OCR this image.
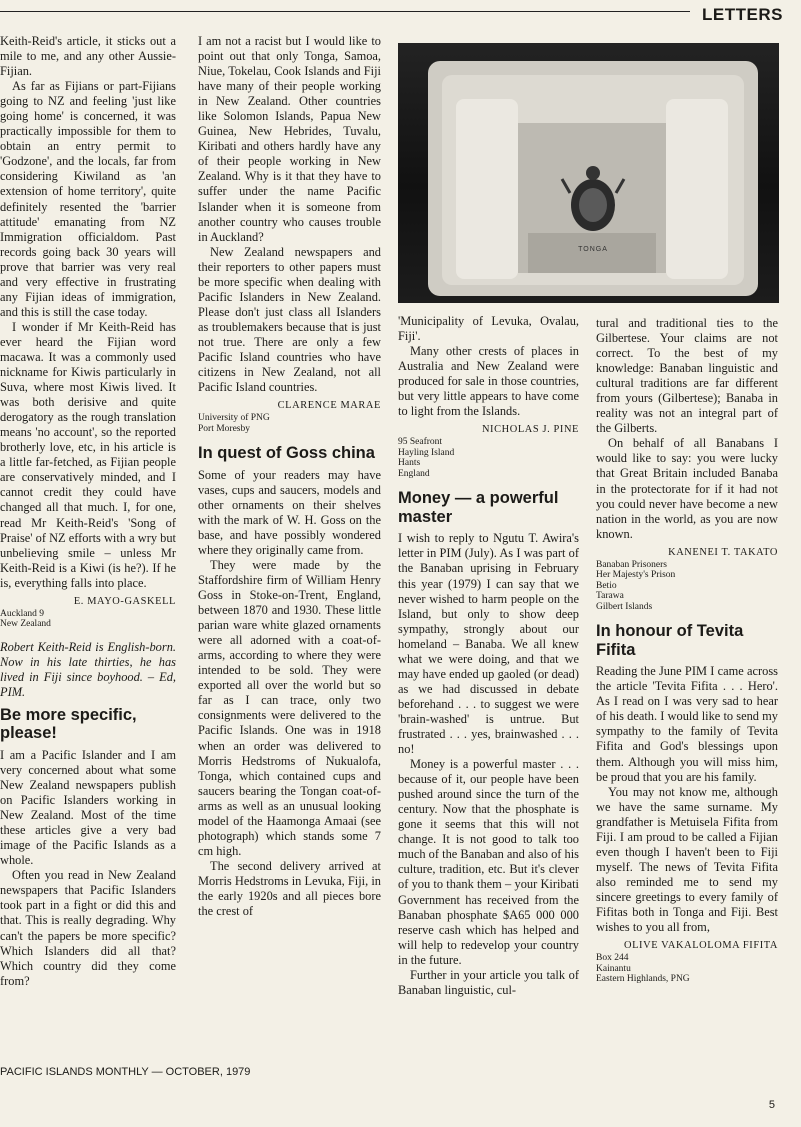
LETTERS

Keith-Reid's article, it sticks out a mile to me, and any other Aussie-Fijian.

As far as Fijians or part-Fijians going to NZ and feeling 'just like going home' is concerned, it was practically impossible for them to obtain an entry permit to 'Godzone', and the locals, far from considering Kiwiland as 'an extension of home territory', quite definitely resented the 'barrier attitude' emanating from NZ Immigration officialdom. Past records going back 30 years will prove that barrier was very real and very effective in frustrating any Fijian ideas of immigration, and this is still the case today.

I wonder if Mr Keith-Reid has ever heard the Fijian word macawa. It was a commonly used nickname for Kiwis particularly in Suva, where most Kiwis lived. It was both derisive and quite derogatory as the rough translation means 'no account', so the reported brotherly love, etc, in his article is a little far-fetched, as Fijian people are conservatively minded, and I cannot credit they could have changed all that much. I, for one, read Mr Keith-Reid's 'Song of Praise' of NZ efforts with a wry but unbelieving smile – unless Mr Keith-Reid is a Kiwi (is he?). If he is, everything falls into place.

E. MAYO-GASKELL
Auckland 9
New Zealand

Robert Keith-Reid is English-born. Now in his late thirties, he has lived in Fiji since boyhood. – Ed, PIM.

Be more specific, please!

I am a Pacific Islander and I am very concerned about what some New Zealand newspapers publish on Pacific Islanders working in New Zealand. Most of the time these articles give a very bad image of the Pacific Islands as a whole.

Often you read in New Zealand newspapers that Pacific Islanders took part in a fight or did this and that. This is really degrading. Why can't the papers be more specific? Which Islanders did all that? Which country did they come from?

I am not a racist but I would like to point out that only Tonga, Samoa, Niue, Tokelau, Cook Islands and Fiji have many of their people working in New Zealand. Other countries like Solomon Islands, Papua New Guinea, New Hebrides, Tuvalu, Kiribati and others hardly have any of their people working in New Zealand. Why is it that they have to suffer under the name Pacific Islander when it is someone from another country who causes trouble in Auckland?

New Zealand newspapers and their reporters to other papers must be more specific when dealing with Pacific Islanders in New Zealand. Please don't just class all Islanders as troublemakers because that is just not true. There are only a few Pacific Island countries who have citizens in New Zealand, not all Pacific Island countries.

CLARENCE MARAE
University of PNG
Port Moresby
In quest of Goss china

Some of your readers may have vases, cups and saucers, models and other ornaments on their shelves with the mark of W. H. Goss on the base, and have possibly wondered where they originally came from.

They were made by the Staffordshire firm of William Henry Goss in Stoke-on-Trent, England, between 1870 and 1930. These little parian ware white glazed ornaments were all adorned with a coat-of-arms, according to where they were intended to be sold. They were exported all over the world but so far as I can trace, only two consignments were delivered to the Pacific Islands. One was in 1918 when an order was delivered to Morris Hedstroms of Nukualofa, Tonga, which contained cups and saucers bearing the Tongan coat-of-arms as well as an unusual looking model of the Haamonga Amaai (see photograph) which stands some 7 cm high.

The second delivery arrived at Morris Hedstroms in Levuka, Fiji, in the early 1920s and all pieces bore the crest of

TONGA

'Municipality of Levuka, Ovalau, Fiji'.

Many other crests of places in Australia and New Zealand were produced for sale in those countries, but very little appears to have come to light from the Islands.

NICHOLAS J. PINE
95 Seafront
Hayling Island
Hants
England
Money — a powerful master

I wish to reply to Ngutu T. Awira's letter in PIM (July). As I was part of the Banaban uprising in February this year (1979) I can say that we never wished to harm people on the Island, but only to show deep sympathy, strongly about our homeland – Banaba. We all knew what we were doing, and that we may have ended up gaoled (or dead) as we had discussed in debate beforehand . . . to suggest we were 'brain-washed' is untrue. But frustrated . . . yes, brainwashed . . . no!

Money is a powerful master . . . because of it, our people have been pushed around since the turn of the century. Now that the phosphate is gone it seems that this will not change. It is not good to talk too much of the Banaban and also of his culture, tradition, etc. But it's clever of you to thank them – your Kiribati Government has received from the Banaban phosphate $A65 000 000 reserve cash which has helped and will help to redevelop your country in the future.

Further in your article you talk of Banaban linguistic, cul-

tural and traditional ties to the Gilbertese. Your claims are not correct. To the best of my knowledge: Banaban linguistic and cultural traditions are far different from yours (Gilbertese); Banaba in reality was not an integral part of the Gilberts.

On behalf of all Banabans I would like to say: you were lucky that Great Britain included Banaba in the protectorate for if it had not you could never have become a new nation in the world, as you are now known.

KANENEI T. TAKATO
Banaban Prisoners
Her Majesty's Prison
Betio
Tarawa
Gilbert Islands
In honour of Tevita Fifita

Reading the June PIM I came across the article 'Tevita Fifita . . . Hero'. As I read on I was very sad to hear of his death. I would like to send my sympathy to the family of Tevita Fifita and God's blessings upon them. Although you will miss him, be proud that you are his family.

You may not know me, although we have the same surname. My grandfather is Metuisela Fifita from Fiji. I am proud to be called a Fijian even though I haven't been to Fiji myself. The news of Tevita Fifita also reminded me to send my sincere greetings to every family of Fifitas both in Tonga and Fiji. Best wishes to you all from,

OLIVE VAKALOLOMA FIFITA
Box 244
Kainantu
Eastern Highlands, PNG

PACIFIC ISLANDS MONTHLY — OCTOBER, 1979

5
